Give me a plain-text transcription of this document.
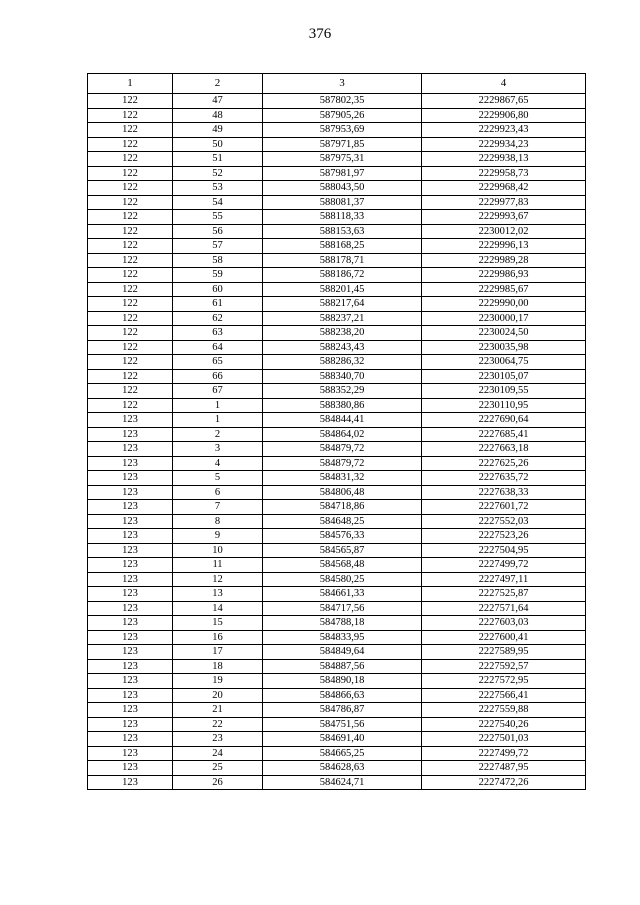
376
1	2	3	4
122	47	587802,35	2229867,65
122	48	587905,26	2229906,80
122	49	587953,69	2229923,43
122	50	587971,85	2229934,23
122	51	587975,31	2229938,13
122	52	587981,97	2229958,73
122	53	588043,50	2229968,42
122	54	588081,37	2229977,83
122	55	588118,33	2229993,67
122	56	588153,63	2230012,02
122	57	588168,25	2229996,13
122	58	588178,71	2229989,28
122	59	588186,72	2229986,93
122	60	588201,45	2229985,67
122	61	588217,64	2229990,00
122	62	588237,21	2230000,17
122	63	588238,20	2230024,50
122	64	588243,43	2230035,98
122	65	588286,32	2230064,75
122	66	588340,70	2230105,07
122	67	588352,29	2230109,55
122	1	588380,86	2230110,95
123	1	584844,41	2227690,64
123	2	584864,02	2227685,41
123	3	584879,72	2227663,18
123	4	584879,72	2227625,26
123	5	584831,32	2227635,72
123	6	584806,48	2227638,33
123	7	584718,86	2227601,72
123	8	584648,25	2227552,03
123	9	584576,33	2227523,26
123	10	584565,87	2227504,95
123	11	584568,48	2227499,72
123	12	584580,25	2227497,11
123	13	584661,33	2227525,87
123	14	584717,56	2227571,64
123	15	584788,18	2227603,03
123	16	584833,95	2227600,41
123	17	584849,64	2227589,95
123	18	584887,56	2227592,57
123	19	584890,18	2227572,95
123	20	584866,63	2227566,41
123	21	584786,87	2227559,88
123	22	584751,56	2227540,26
123	23	584691,40	2227501,03
123	24	584665,25	2227499,72
123	25	584628,63	2227487,95
123	26	584624,71	2227472,26
